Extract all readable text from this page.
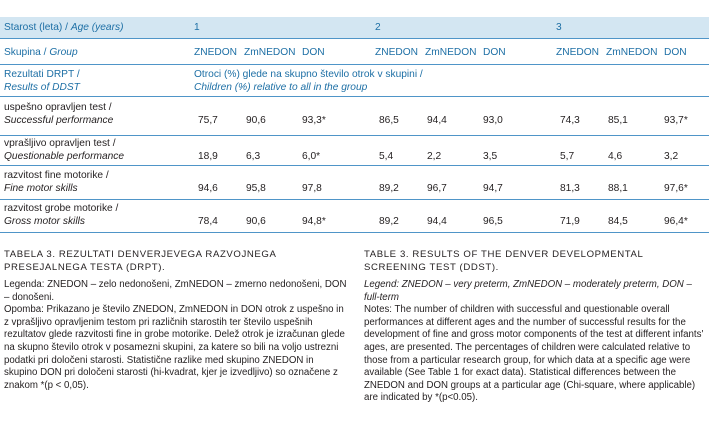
Starost (leta) / Age (years)	1	2	3
Skupina / Group	ZNEDON ZmNEDON DON	ZNEDON ZmNEDON DON	ZNEDON ZmNEDON DON
Rezultati DRPT /
Results of DDST
Otroci (%) glede na skupno število otrok v skupini /
Children (%) relative to all in the group
uspešno opravljen test /
Successful performance	75,7	90,6	93,3*	86,5	94,4	93,0	74,3	85,1	93,7*
vprašljivo opravljen test /
Questionable performance	18,9	6,3	6,0*	5,4	2,2	3,5	5,7	4,6	3,2
razvitost fine motorike /
Fine motor skills	94,6	95,8	97,8	89,2	96,7	94,7	81,3	88,1	97,6*
razvitost grobe motorike /
Gross motor skills	78,4	90,6	94,8*	89,2	94,4	96,5	71,9	84,5	96,4*
TABELA 3. REZULTATI DENVERJEVEGA RAZVOJNEGA PRESEJALNEGA TESTA (DRPT).

Legenda: ZNEDON – zelo nedonošeni, ZmNEDON – zmerno nedonošeni, DON – donošeni.

Opomba: Prikazano je število ZNEDON, ZmNEDON in DON otrok z uspešno in z vprašljivo opravljenim testom pri različnih starostih ter število uspešnih rezultatov glede razvitosti fine in grobe motorike. Delež otrok je izračunan glede na skupno število otrok v posamezni skupini, za katere so bili na voljo ustrezni podatki pri določeni starosti. Statistične razlike med skupino ZNEDON in skupino DON pri določeni starosti (hi-kvadrat, kjer je izvedljivo) so označene z znakom *(p < 0,05).

TABLE 3. RESULTS OF THE DENVER DEVELOPMENTAL SCREENING TEST (DDST).

Legend: ZNEDON – very preterm, ZmNEDON – moderately preterm, DON – full-term

Notes: The number of children with successful and questionable overall performances at different ages and the number of successful results for the development of fine and gross motor components of the test at different infants' ages, are presented. The percentages of children were calculated relative to those from a particular research group, for which data at a specific age were available (See Table 1 for exact data). Statistical differences between the ZNEDON and DON groups at a particular age (Chi-square, where applicable) are indicated by *(p<0.05).
